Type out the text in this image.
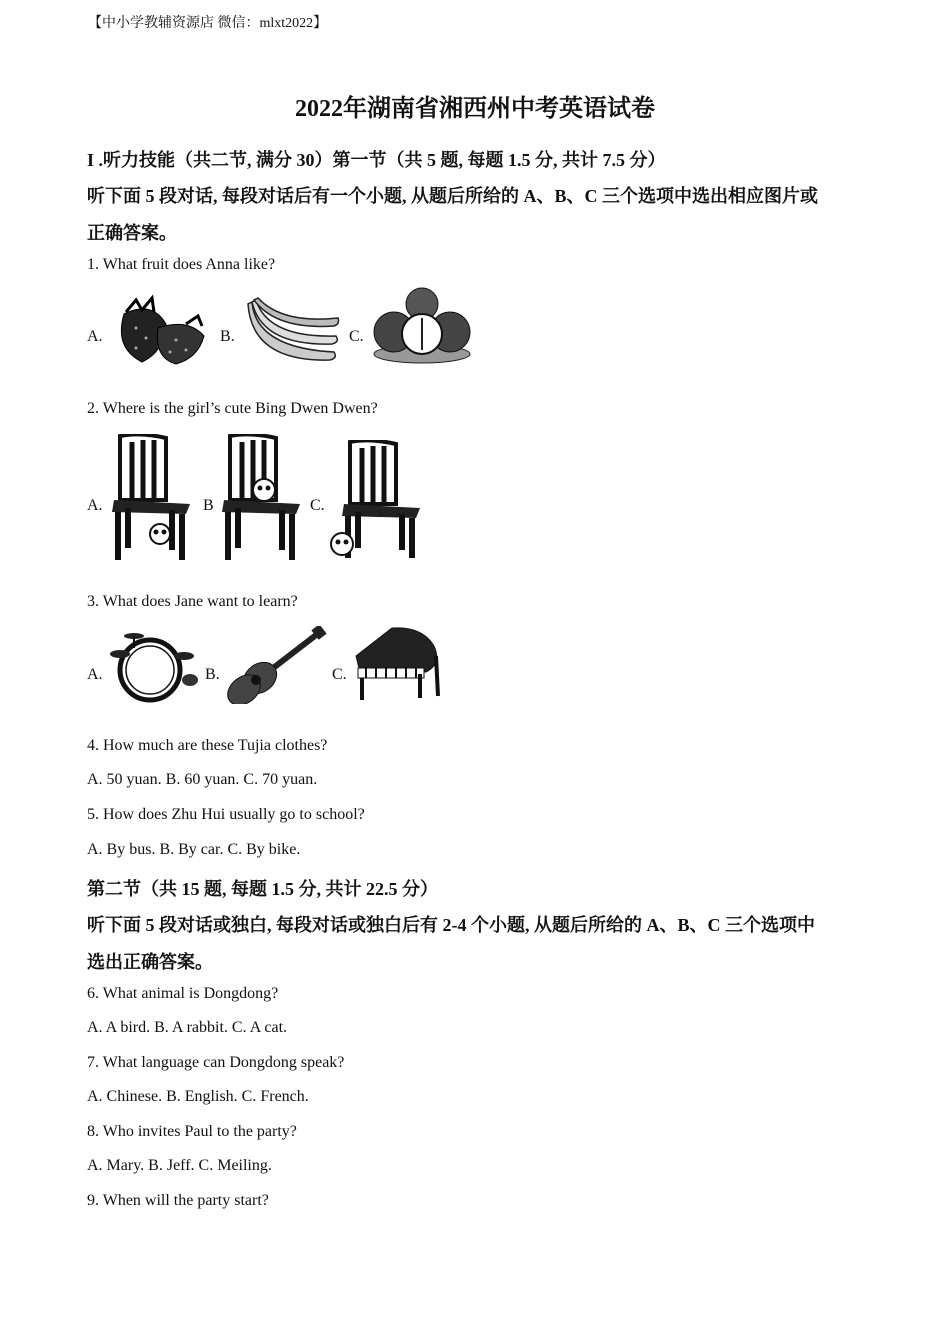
【中小学教辅资源店 微信：mlxt2022】
2022年湖南省湘西州中考英语试卷
I .听力技能（共二节, 满分 30）第一节（共 5 题, 每题 1.5 分, 共计 7.5 分）
听下面 5 段对话, 每段对话后有一个小题, 从题后所给的 A、B、C 三个选项中选出相应图片或
正确答案。
1. What fruit does Anna like?
A.	B.	C.
2. Where is the girl’s cute Bing Dwen Dwen?
A.	B	C.
3. What does Jane want to learn?
A.	B.	C.
4. How much are these Tujia clothes?
A. 50 yuan. B. 60 yuan. C. 70 yuan.
5. How does Zhu Hui usually go to school?
A. By bus. B. By car. C. By bike.
第二节（共 15 题, 每题 1.5 分, 共计 22.5 分）
听下面 5 段对话或独白, 每段对话或独白后有 2-4 个小题, 从题后所给的 A、B、C 三个选项中
选出正确答案。
6. What animal is Dongdong?
A. A bird. B. A rabbit. C. A cat.
7. What language can Dongdong speak?
A. Chinese. B. English. C. French.
8. Who invites Paul to the party?
A. Mary. B. Jeff. C. Meiling.
9. When will the party start?
